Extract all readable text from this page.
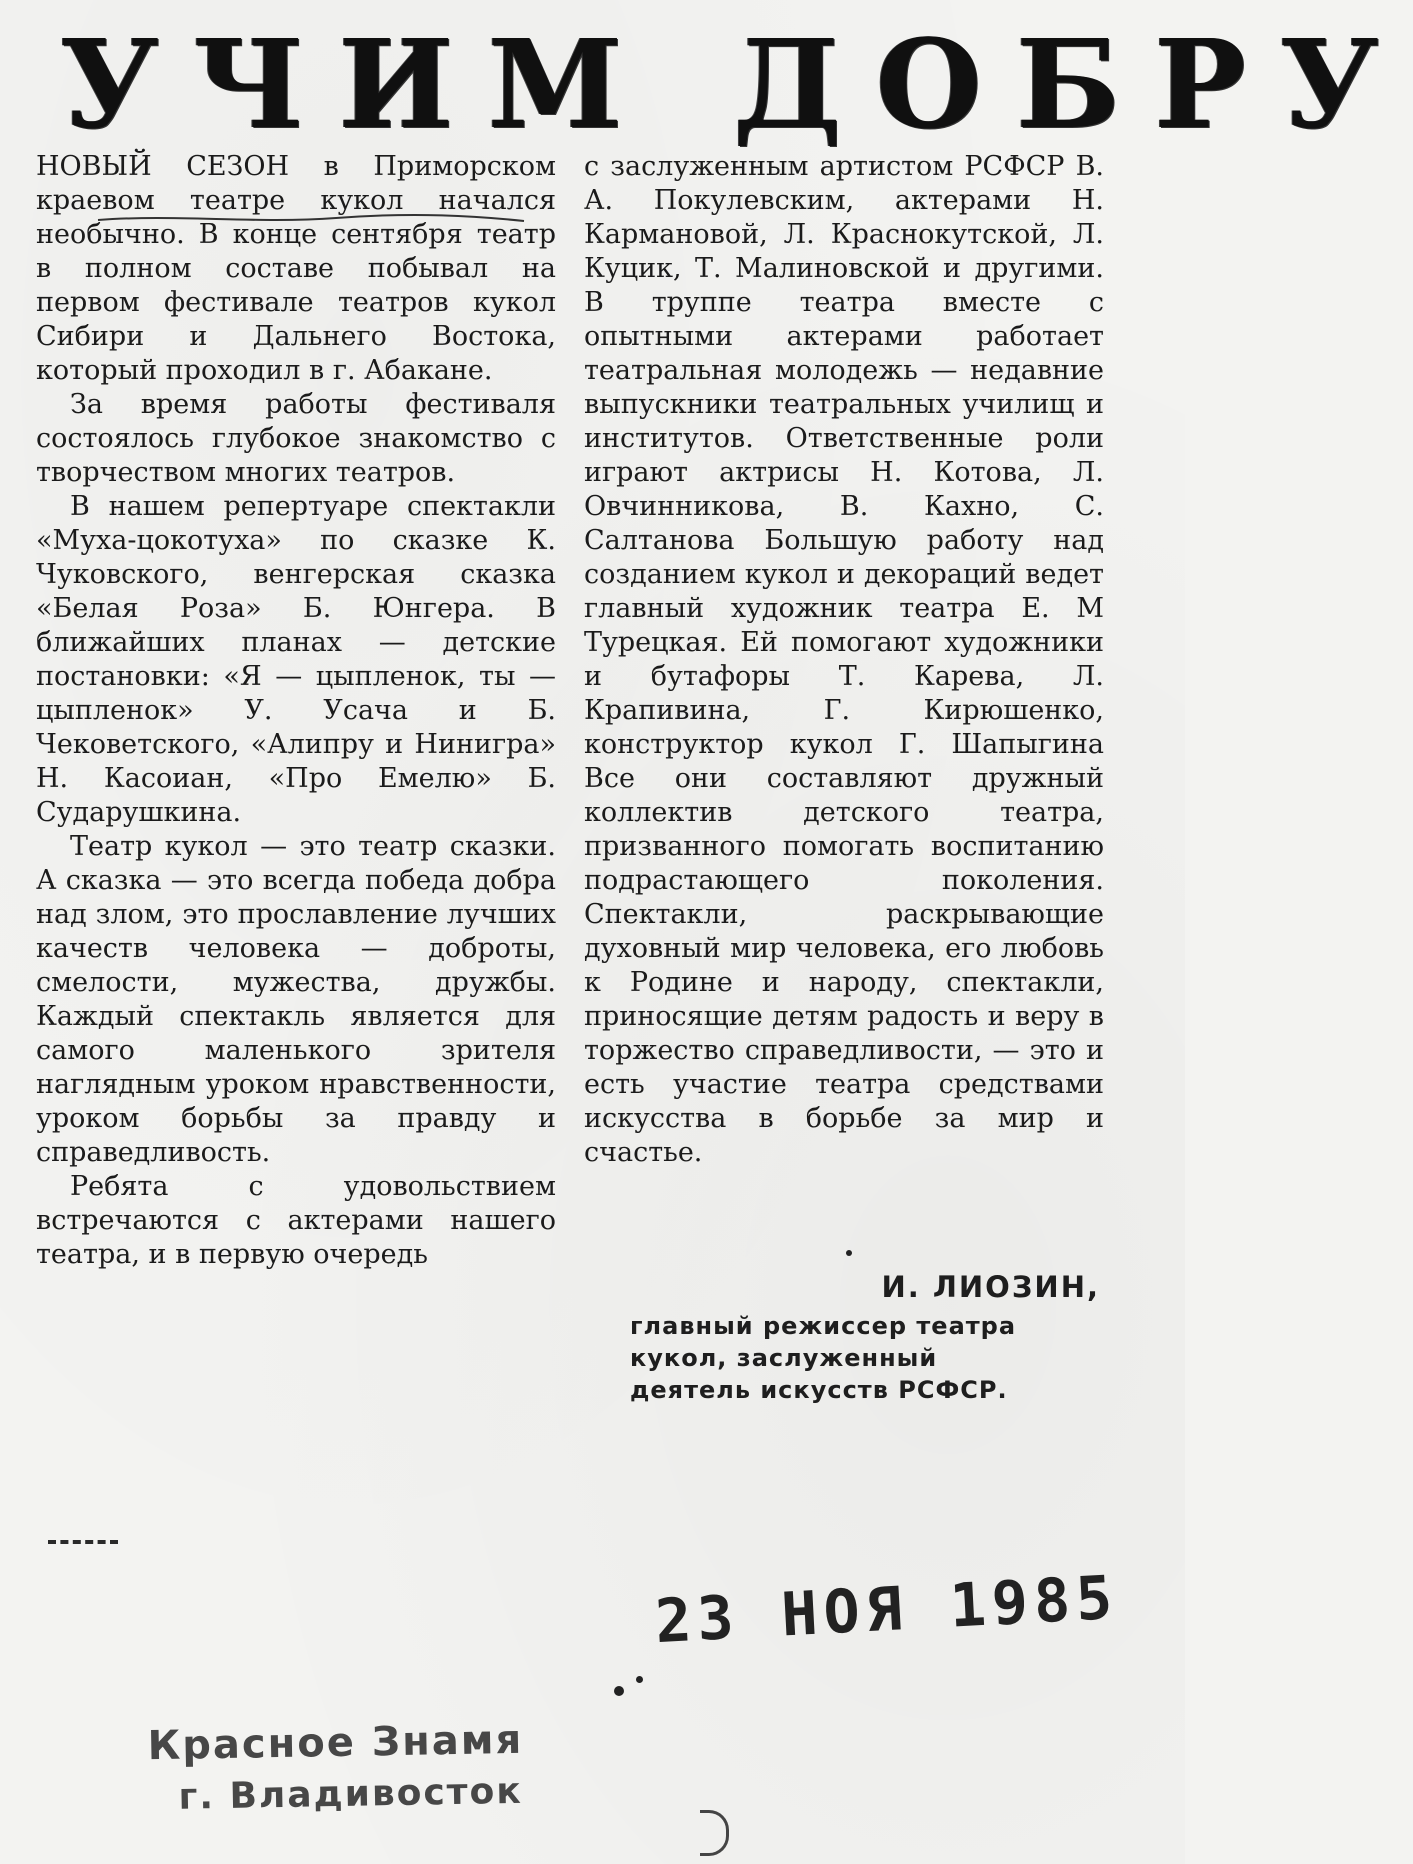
УЧИМ ДОБРУ

НОВЫЙ СЕЗОН в Приморском краевом театре кукол начался необычно. В конце сентября театр в полном составе побывал на первом фестивале театров кукол Сибири и Дальнего Востока, который проходил в г. Абакане.

За время работы фестиваля состоялось глубокое знакомство с творчеством многих театров.

В нашем репертуаре спектакли «Муха-цокотуха» по сказке К. Чуковского, венгерская сказка «Белая Роза» Б. Юнгера. В ближайших планах — детские постановки: «Я — цыпленок, ты — цыпленок» У. Усача и Б. Чековетского, «Алипру и Нинигра» Н. Касоиан, «Про Емелю» Б. Сударушкина.

Театр кукол — это театр сказки. А сказка — это всегда победа добра над злом, это прославление лучших качеств человека — доброты, смелости, мужества, дружбы. Каждый спектакль является для самого маленького зрителя наглядным уроком нравственности, уроком борьбы за правду и справедливость.

Ребята с удовольствием встречаются с актерами нашего театра, и в первую очередь

с заслуженным артистом РСФСР В. А. Покулевским, актерами Н. Кармановой, Л. Краснокутской, Л. Куцик, Т. Малиновской и другими. В труппе театра вместе с опытными актерами работает театральная молодежь — недавние выпускники театральных училищ и институтов. Ответственные роли играют актрисы Н. Котова, Л. Овчинникова, В. Кахно, С. Салтанова Большую работу над созданием кукол и декораций ведет главный художник театра Е. М Турецкая. Ей помогают художники и бутафоры Т. Карева, Л. Крапивина, Г. Кирюшенко, конструктор кукол Г. Шапыгина Все они составляют дружный коллектив детского театра, призванного помогать воспитанию подрастающего поколения. Спектакли, раскрывающие духовный мир человека, его любовь к Родине и народу, спектакли, приносящие детям радость и веру в торжество справедливости, — это и есть участие театра средствами искусства в борьбе за мир и счастье.

И. ЛИОЗИН,
главный режиссер театра кукол, заслуженный деятель искусств РСФСР.
23 НОЯ 1985
Красное Знамя
г. Владивосток
